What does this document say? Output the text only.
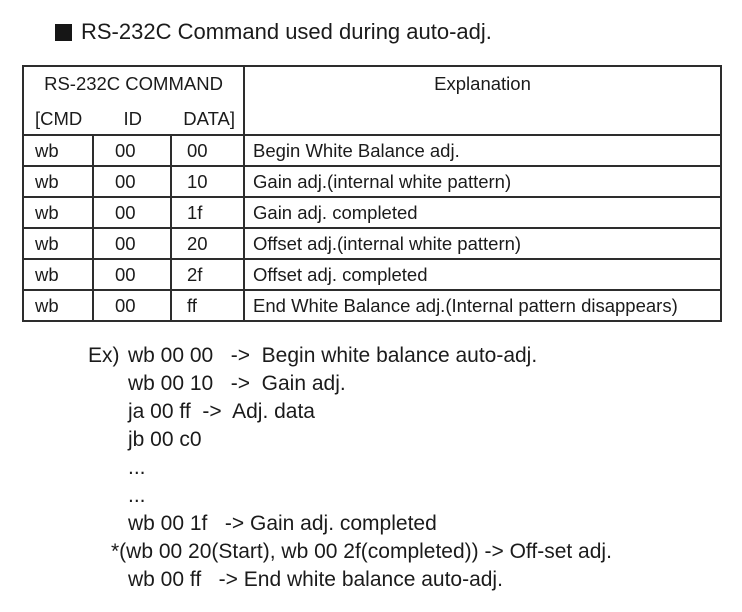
RS-232C Command used during auto-adj.
RS-232C COMMAND
[CMD ID DATA]			Explanation
wb	00	00	Begin White Balance adj.
wb	00	10	Gain adj.(internal white pattern)
wb	00	1f	Gain adj. completed
wb	00	20	Offset adj.(internal white pattern)
wb	00	2f	Offset adj. completed
wb	00	ff	End White Balance adj.(Internal pattern disappears)
Ex) wb 00 00   ->  Begin white balance auto-adj.
wb 00 10   ->  Gain adj.
ja 00 ff  ->  Adj. data
jb 00 c0
...
...
wb 00 1f   -> Gain adj. completed
*(wb 00 20(Start), wb 00 2f(completed)) -> Off-set adj.
wb 00 ff   -> End white balance auto-adj.
